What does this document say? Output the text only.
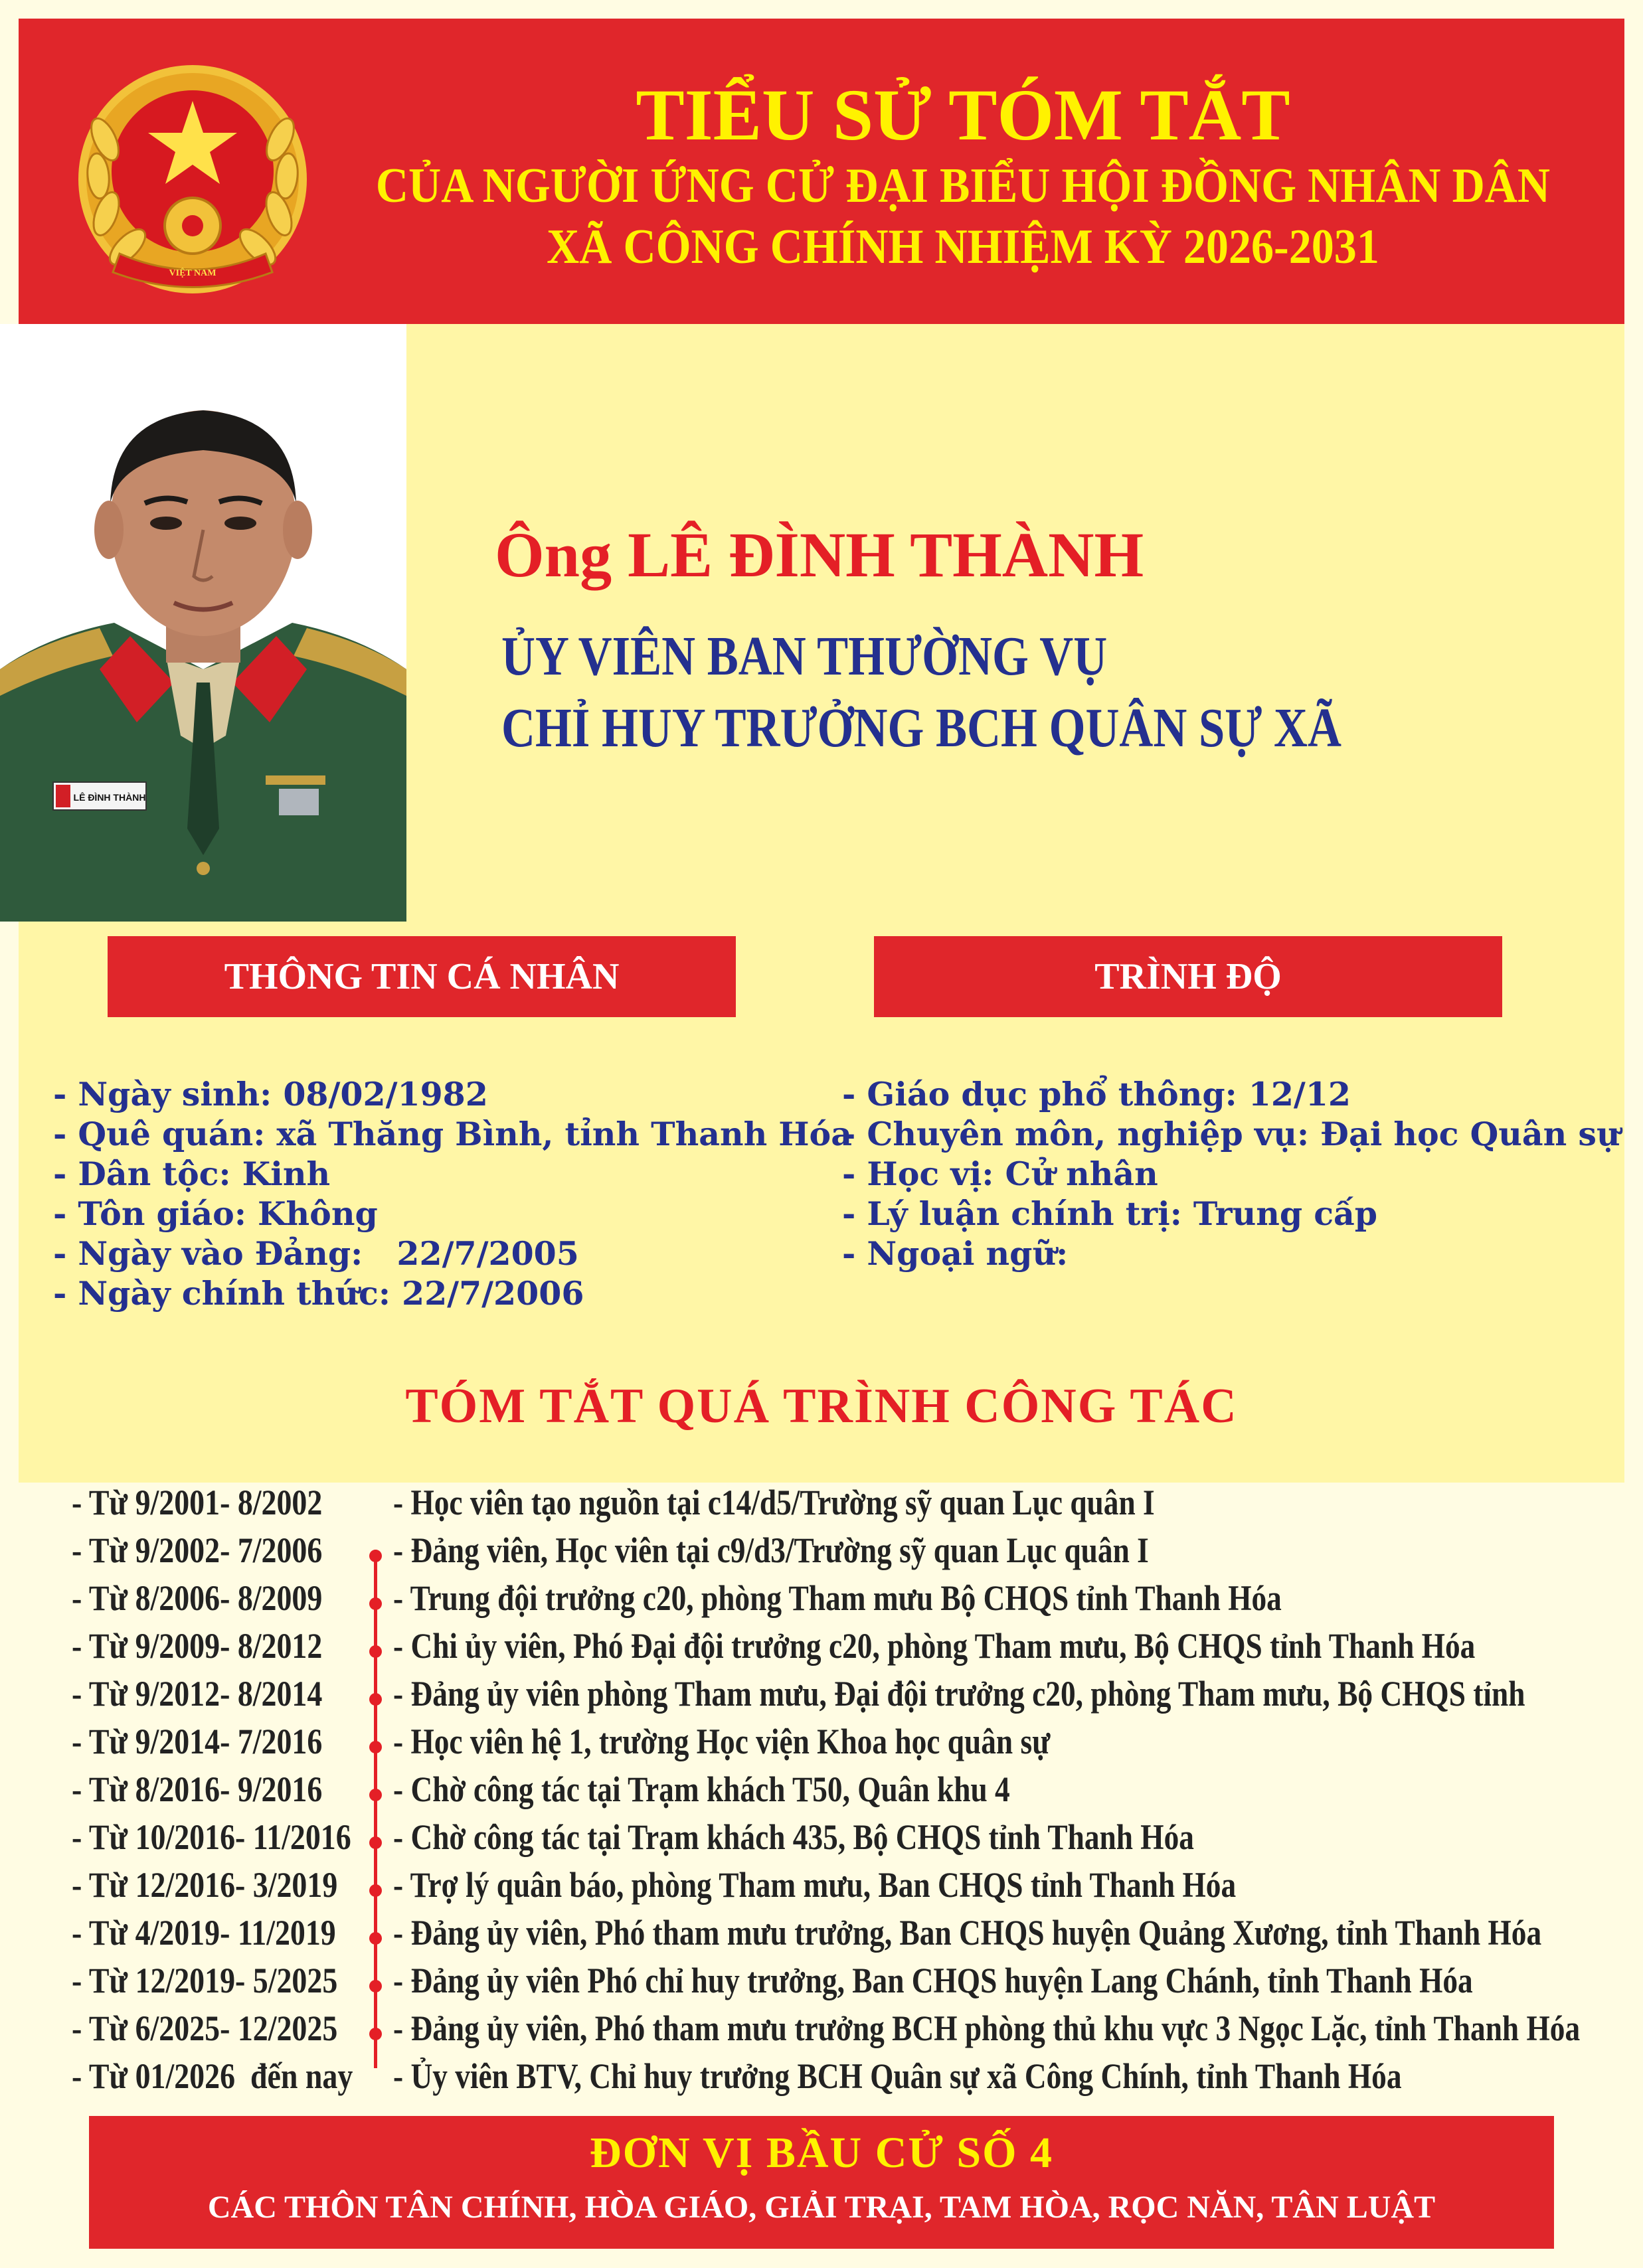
VIỆT NAM
TIỂU SỬ TÓM TẮT
CỦA NGƯỜI ỨNG CỬ ĐẠI BIỂU HỘI ĐỒNG NHÂN DÂN
XÃ CÔNG CHÍNH NHIỆM KỲ 2026-2031
LÊ ĐÌNH THÀNH
Ông LÊ ĐÌNH THÀNH
ỦY VIÊN BAN THƯỜNG VỤ
CHỈ HUY TRƯỞNG BCH QUÂN SỰ XÃ
THÔNG TIN CÁ NHÂN	TRÌNH ĐỘ
- Ngày sinh: 08/02/1982
- Quê quán: xã Thăng Bình, tỉnh Thanh Hóa
- Dân tộc: Kinh
- Tôn giáo: Không
- Ngày vào Đảng:   22/7/2005
- Ngày chính thức: 22/7/2006
- Giáo dục phổ thông: 12/12
- Chuyên môn, nghiệp vụ: Đại học Quân sự
- Học vị: Cử nhân
- Lý luận chính trị: Trung cấp
- Ngoại ngữ:
TÓM TẮT QUÁ TRÌNH CÔNG TÁC
- Từ 9/2001- 8/2002 - Học viên tạo nguồn tại c14/d5/Trường sỹ quan Lục quân I
- Từ 9/2002- 7/2006 - Đảng viên, Học viên tại c9/d3/Trường sỹ quan Lục quân I
- Từ 8/2006- 8/2009 - Trung đội trưởng c20, phòng Tham mưu Bộ CHQS tỉnh Thanh Hóa
- Từ 9/2009- 8/2012 - Chi ủy viên, Phó Đại đội trưởng c20, phòng Tham mưu, Bộ CHQS tỉnh Thanh Hóa
- Từ 9/2012- 8/2014 - Đảng ủy viên phòng Tham mưu, Đại đội trưởng c20, phòng Tham mưu, Bộ CHQS tỉnh
- Từ 9/2014- 7/2016 - Học viên hệ 1, trường Học viện Khoa học quân sự
- Từ 8/2016- 9/2016 - Chờ công tác tại Trạm khách T50, Quân khu 4
- Từ 10/2016- 11/2016 - Chờ công tác tại Trạm khách 435, Bộ CHQS tỉnh Thanh Hóa
- Từ 12/2016- 3/2019 - Trợ lý quân báo, phòng Tham mưu, Ban CHQS tỉnh Thanh Hóa
- Từ 4/2019- 11/2019 - Đảng ủy viên, Phó tham mưu trưởng, Ban CHQS huyện Quảng Xương, tỉnh Thanh Hóa
- Từ 12/2019- 5/2025 - Đảng ủy viên Phó chỉ huy trưởng, Ban CHQS huyện Lang Chánh, tỉnh Thanh Hóa
- Từ 6/2025- 12/2025 - Đảng ủy viên, Phó tham mưu trưởng BCH phòng thủ khu vực 3 Ngọc Lặc, tỉnh Thanh Hóa
- Từ 01/2026  đến nay - Ủy viên BTV, Chỉ huy trưởng BCH Quân sự xã Công Chính, tỉnh Thanh Hóa
ĐƠN VỊ BẦU CỬ SỐ 4
CÁC THÔN TÂN CHÍNH, HÒA GIÁO, GIẢI TRẠI, TAM HÒA, RỌC NĂN, TÂN LUẬT
